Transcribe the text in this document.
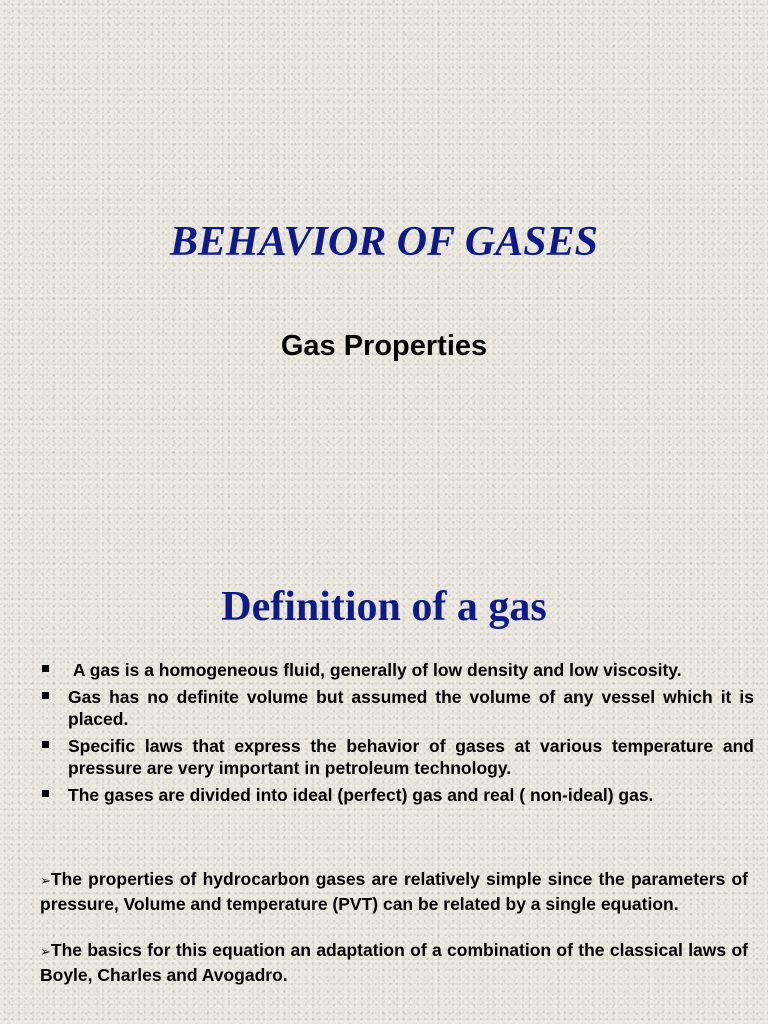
BEHAVIOR OF GASES
Gas Properties
Definition of a gas
A gas is a homogeneous fluid, generally of low density and low viscosity.
Gas has no definite volume but assumed the volume of any vessel which it is placed.
Specific laws that express the behavior of gases at various temperature and pressure are very important in petroleum technology.
The gases are divided into ideal (perfect) gas and real ( non-ideal) gas.

➢The properties of hydrocarbon gases are relatively simple since the parameters of   pressure, Volume and temperature (PVT) can be related by a single equation.

➢The basics for this equation an adaptation of a combination of the classical laws of Boyle, Charles and Avogadro.
